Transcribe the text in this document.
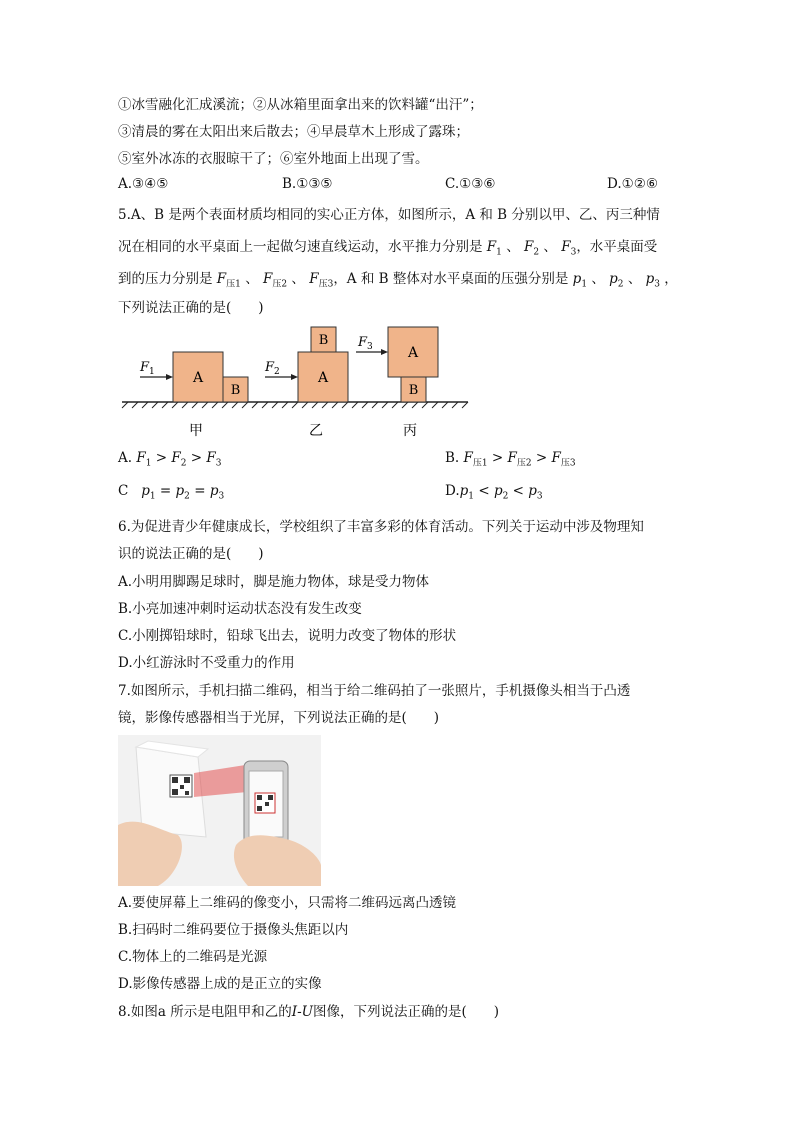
①冰雪融化汇成溪流；②从冰箱里面拿出来的饮料罐“出汗”；
③清晨的雾在太阳出来后散去；④早晨草木上形成了露珠；
⑤室外冰冻的衣服晾干了；⑥室外地面上出现了雪。
A.③④⑤	B.①③⑤	C.①③⑥	D.①②⑥
5.A、B 是两个表面材质均相同的实心正方体，如图所示，A 和 B 分别以甲、乙、丙三种情
况在相同的水平桌面上一起做匀速直线运动，水平推力分别是 $F_1$ 、 $F_2$ 、 $F_3$，水平桌面受
到的压力分别是 $F_{压1}$ 、 $F_{压2}$ 、 $F_{压3}$，A 和 B 整体对水平桌面的压强分别是 $p_1$ 、 $p_2$ 、 $p_3$ ，
下列说法正确的是(　　)
A
B
$F_1$
甲
A
B
$F_2$
乙
A
B
$F_3$
丙
A. $F_1 > F_2 > F_3$	B. $F_{压1} > F_{压2} > F_{压3}$
C $p_1 = p_2 = p_3$	$D.p_1 < p_2 < p_3$
6.为促进青少年健康成长，学校组织了丰富多彩的体育活动。下列关于运动中涉及物理知
识的说法正确的是(　　)
A.小明用脚踢足球时，脚是施力物体，球是受力物体
B.小亮加速冲刺时运动状态没有发生改变
C.小刚掷铅球时，铅球飞出去，说明力改变了物体的形状
D.小红游泳时不受重力的作用
7.如图所示，手机扫描二维码，相当于给二维码拍了一张照片，手机摄像头相当于凸透
镜，影像传感器相当于光屏，下列说法正确的是(　　)
A.要使屏幕上二维码的像变小，只需将二维码远离凸透镜
B.扫码时二维码要位于摄像头焦距以内
C.物体上的二维码是光源
D.影像传感器上成的是正立的实像
8.如图a 所示是电阻甲和乙的I-U图像，下列说法正确的是(　　)
